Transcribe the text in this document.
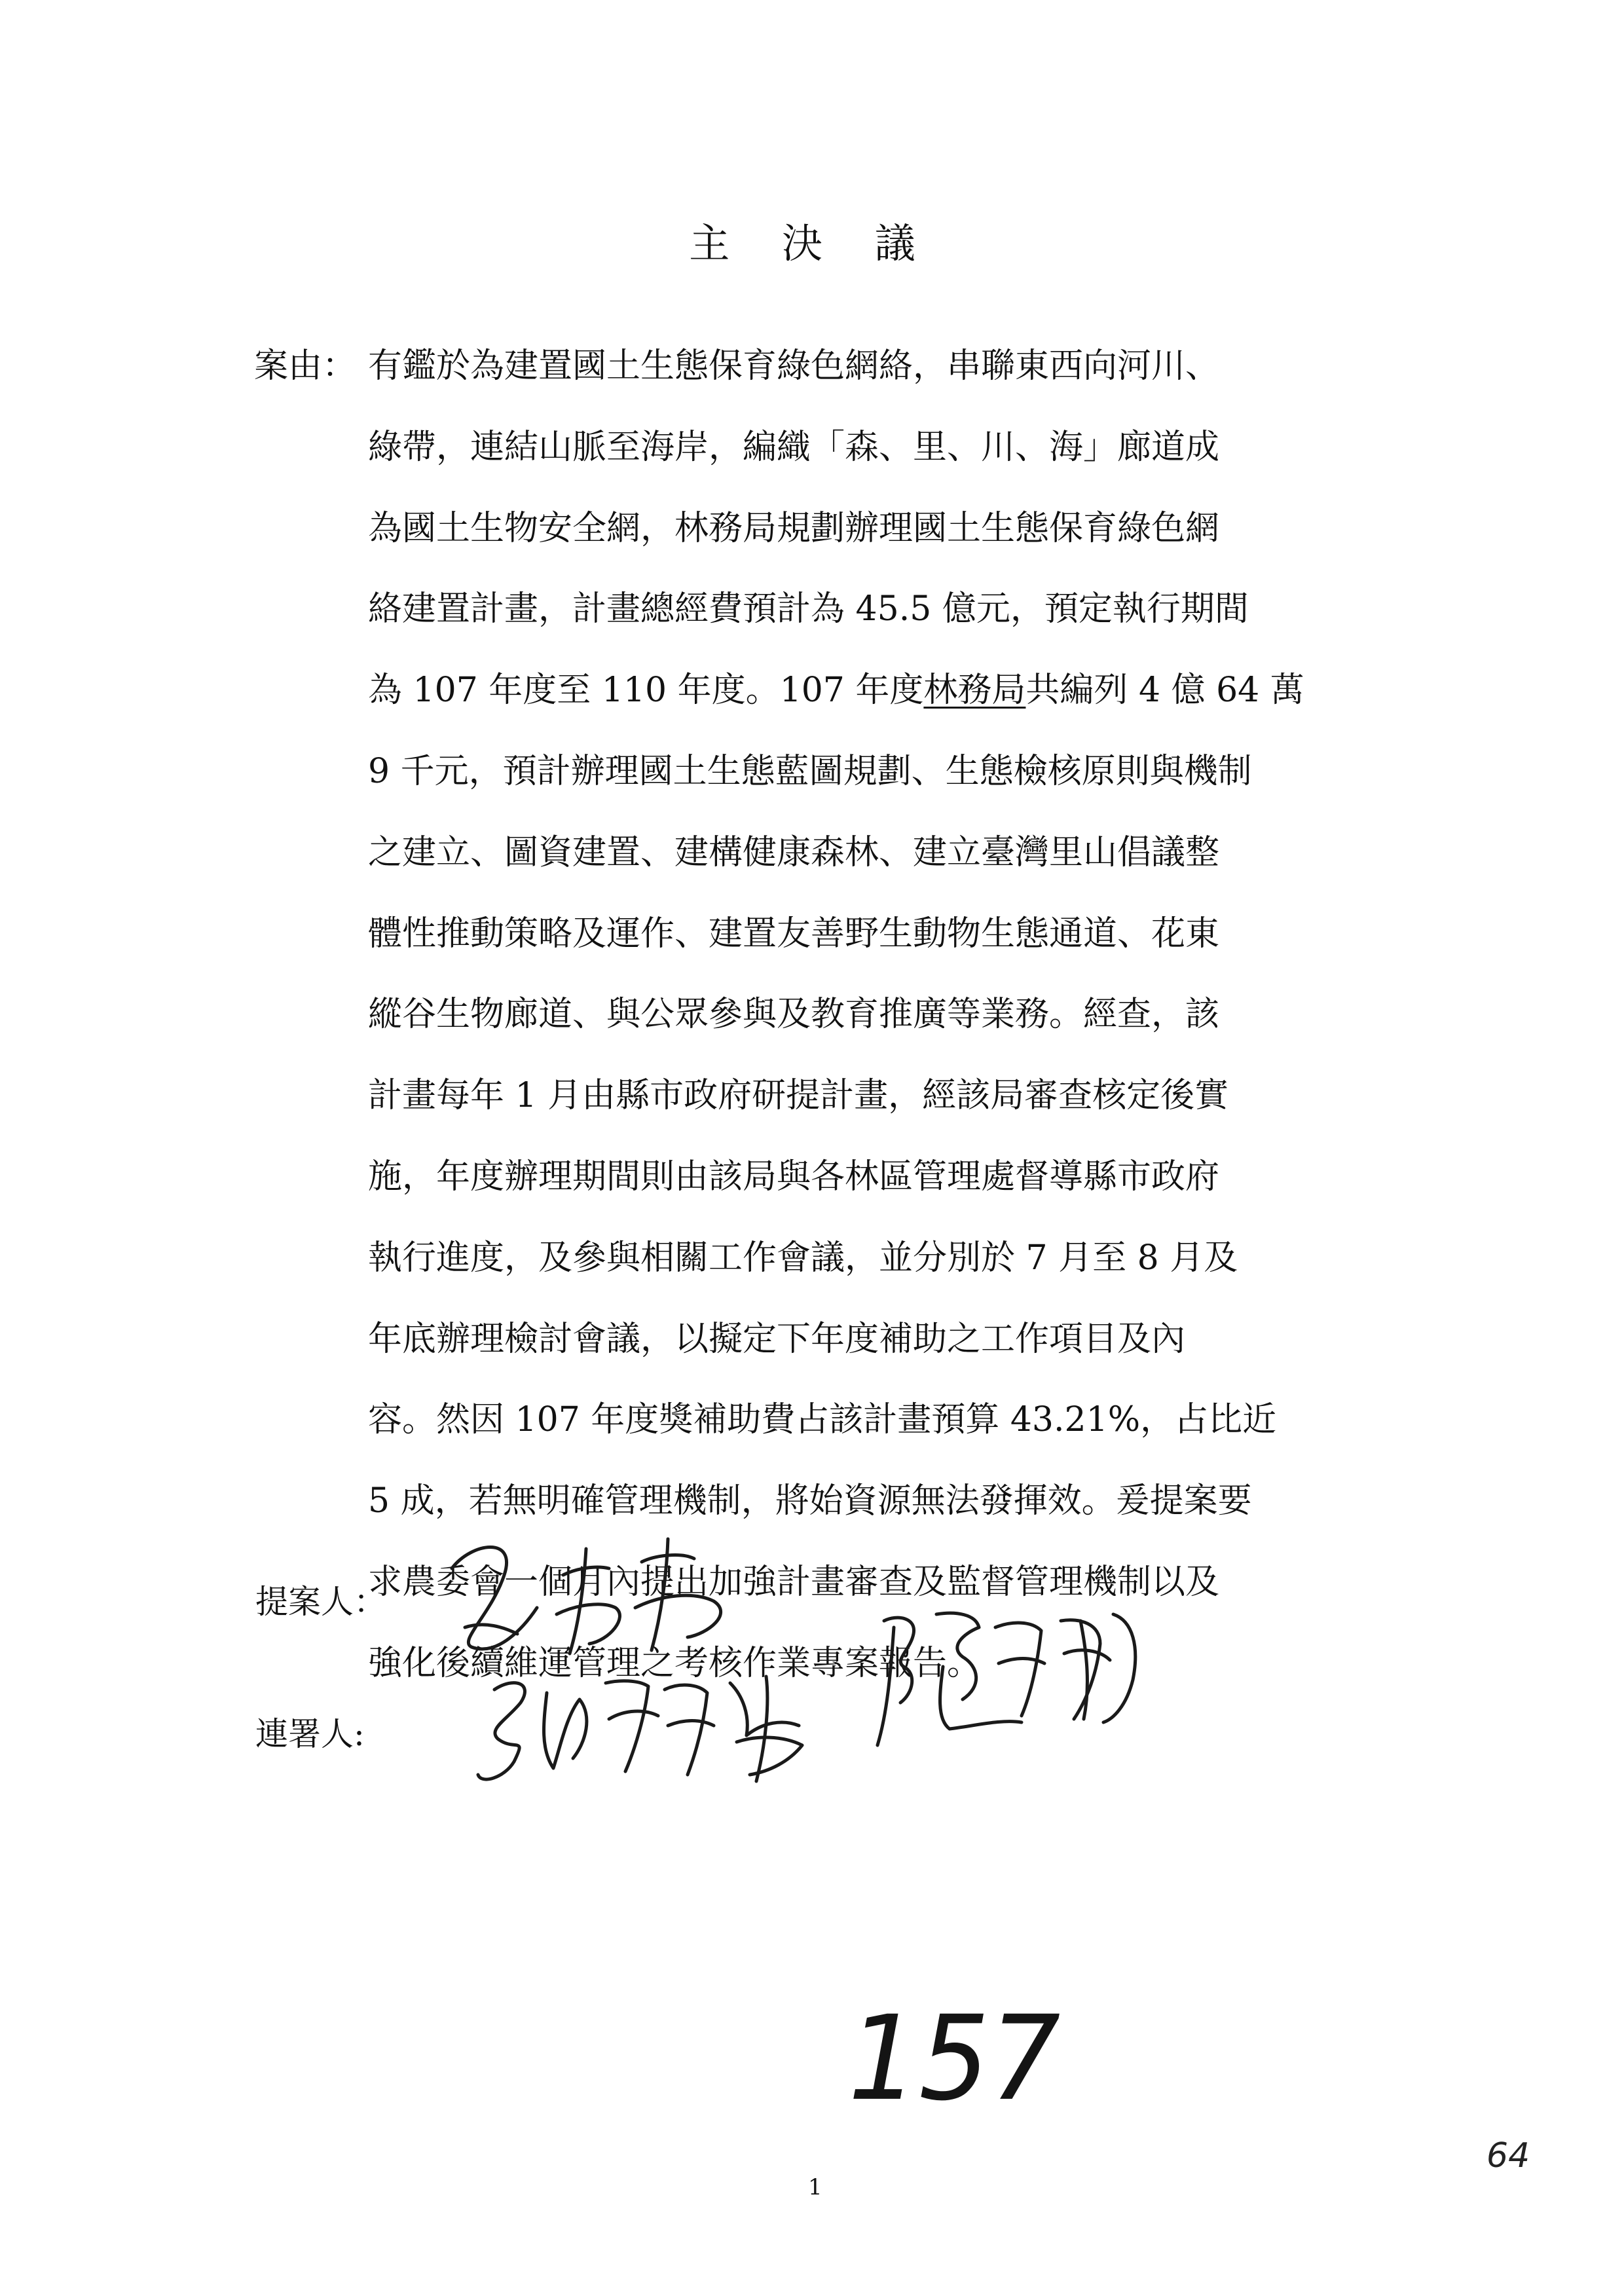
主 決 議
案由： 有鑑於為建置國土生態保育綠色網絡，串聯東西向河川、
綠帶，連結山脈至海岸，編織「森、里、川、海」廊道成
為國土生物安全網，林務局規劃辦理國土生態保育綠色網
絡建置計畫，計畫總經費預計為 45.5 億元，預定執行期間
為 107 年度至 110 年度。107 年度林務局共編列 4 億 64 萬
9 千元，預計辦理國土生態藍圖規劃、生態檢核原則與機制
之建立、圖資建置、建構健康森林、建立臺灣里山倡議整
體性推動策略及運作、建置友善野生動物生態通道、花東
縱谷生物廊道、與公眾參與及教育推廣等業務。經查，該
計畫每年 1 月由縣市政府研提計畫，經該局審查核定後實
施，年度辦理期間則由該局與各林區管理處督導縣市政府
執行進度，及參與相關工作會議，並分別於 7 月至 8 月及
年底辦理檢討會議，以擬定下年度補助之工作項目及內
容。然因 107 年度獎補助費占該計畫預算 43.21%，占比近
5 成，若無明確管理機制，將始資源無法發揮效。爰提案要
求農委會一個月內提出加強計畫審查及監督管理機制以及
強化後續維運管理之考核作業專案報告。
提案人：
連署人:
157
1
64
